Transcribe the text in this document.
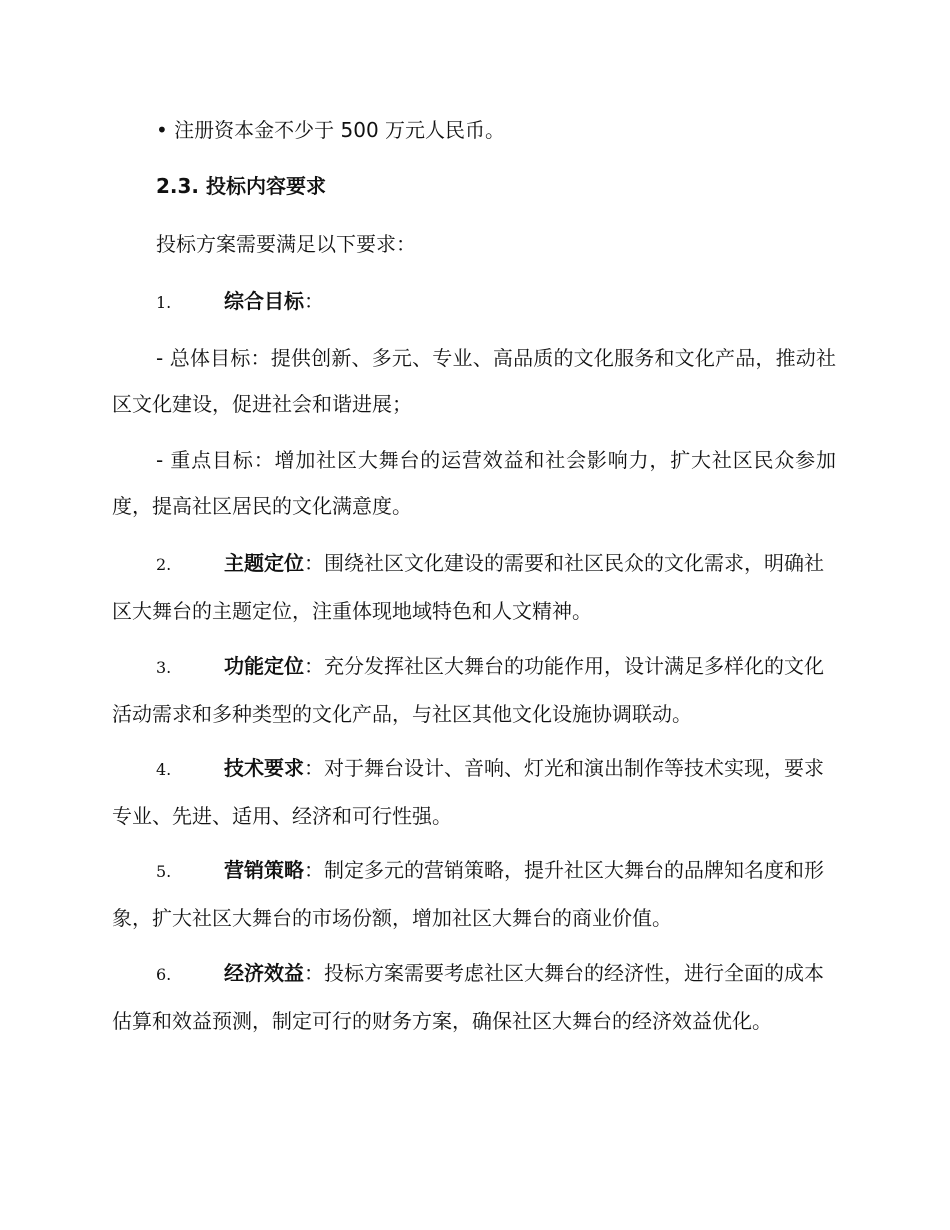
• 注册资本金不少于 500 万元人民币。

2.3. 投标内容要求

投标方案需要满足以下要求：

1.	综合目标：

- 总体目标：提供创新、多元、专业、高品质的文化服务和文化产品，推动社区文化建设，促进社会和谐进展；

- 重点目标：增加社区大舞台的运营效益和社会影响力，扩大社区民众参加度，提高社区居民的文化满意度。

2.	主题定位：围绕社区文化建设的需要和社区民众的文化需求，明确社区大舞台的主题定位，注重体现地域特色和人文精神。

3.	功能定位：充分发挥社区大舞台的功能作用，设计满足多样化的文化活动需求和多种类型的文化产品，与社区其他文化设施协调联动。

4.	技术要求：对于舞台设计、音响、灯光和演出制作等技术实现，要求专业、先进、适用、经济和可行性强。

5.	营销策略：制定多元的营销策略，提升社区大舞台的品牌知名度和形象，扩大社区大舞台的市场份额，增加社区大舞台的商业价值。

6.	经济效益：投标方案需要考虑社区大舞台的经济性，进行全面的成本估算和效益预测，制定可行的财务方案，确保社区大舞台的经济效益优化。
